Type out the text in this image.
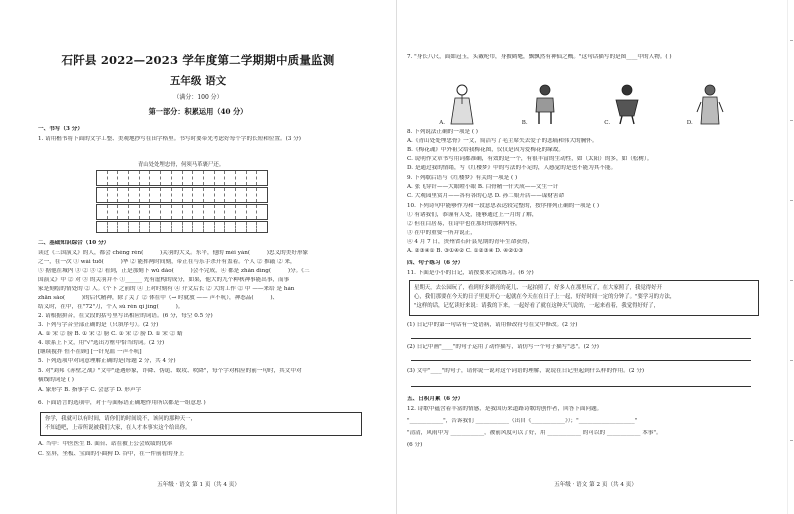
石阡县 2022—2023 学年度第二学期期中质量监测
五年级 语文
（满分：100 分）
第一部分：积累运用（40 分）
一、书写（3 分）
1. 请用楷书将下面的文字工整、美观地抄写在田字格里。书写时要带先考虑好每个字的长短和位置。(3 分)
青山处处埋忠骨，何须马革裹尸还。
二、基础知识综合（10 分）
读过《三国演义》的人，都会 chéng rén(　　　)关羽的大义。东平，他的 méi yàn(　　　)忠义的美好形象
之一，在一次 ① wài tuō(　　　)华 ② 能挥两时间刻，带正在与乐手杀开有盖着。个人 ② 推敲 ② 来，
⑤ 据他在城内 ③ ② ③ ② 看到，正是那刻下 wǔ dǎo(　　　)会不完成，④ 都是 zhǎn dìng(　　　)分。《三
国演义》中 ② 对 ③ 的关羽并不 ①______ 先有虚构的成分，如果，他大的九个种秋神事能出事，而事
家是刻绘的情处的 ② 人。《个下 之前的 ④ 上对时刻有 ④ 介文后长 ② 大的工作 ② 中 ——来给 是 hán
zhān sǎo(　　　)的后代精神，除了关了 ② 体在中（→ 时就放 —— 声不吭），神态品(　　　)、
结义时，在中，在"72"刀，个人 sù rén qí jìng(　　　)。
2. 请根据拼音，在文段的括号里写出相应的词语。(6 分，每空 0.5 分)
3. 下列与字音全部正确的是（只填序号）。(2 分)
A. ① 宋 ② 膀 B. ① 宋 ② 膀 C. ① 宋 ② 膀 D. ① 宋 ② 蜻
4. 联系上下文，用"√"选出方框中恰当的词。(2 分)
[继续搅拌 恒不在顾] [一针见血 一声不吭]
5. 下列选项中对词意理解正确的是(每题 2 分，共 4 分)
5. 对"刘邦《赤壁之战》"文中"逢遇形象，诈降、伪诡、蚁攻、吹降"，每个字对相应的前一句时，其文中对
横线的词是 ( )
A. 象形字 B. 指事字 C. 会意字 D. 形声字
6. 下面语言的选项中，对于与面标语正确地作用所以都是一组意思 )
你学，我就可以有时间，请你们的时间说不，该问的那种天一，
不知道吧，上帝所说被我们大家，在人才本事实这个给出你。
A. 当中：中医医生 B. 面台、站在被上公会成绩的优率
C. 室屏，坐板、宝面的小曲狗 D. 谷中，在一件前看的身上
五年级 · 语文 第 1 页（共 4 页）
7. "身长八尺，面如冠玉，头戴纶巾，身披鹤氅，飘飘然有神仙之概。"这句话描写的是图____中的人物。( )
A.	B.	C.	D.
8. 下列说法正确的一项是 ( )
A.《青山处处埋忠骨》一文，简洁写了毛主席失去爱子的悲痛和伟大的胸怀。
B.《梅花魂》中外祖父给我梅花图，仅仅是因为爱梅花的缘故。
C. 说明作文章书写用词都准确，有效的是一个，有很丰富的生动性，如（太阳）的多，如（松树）。
D. 是通过我的情绪，写《红楼梦》中的写法的不足的，人感觉的是也不能为其不能。
9. 下列歇后语与《红楼梦》有关的一项是 ( )
A. 张飞穿针——大眼瞪小眼 B. 白骨精一什夫成——文生一计
C. 大观园里赏月——各有各的心思 D. 孙二娘开店——谋财害命
10. 下列诗句中能够作为和一段意思表达较完整的，按序排列正确的一项是 ( )
① 有诸我们，恭谨有人处，能够通过上一月的了解，
② 但在白居易，在诗中也在那好的那种内容，
③ 在中的重要一所并说正，
④ 4 月 7 日，贵州省石阡县见期的青年生命获得，
A. ②③④① B. ③①④② C. ①②③④ D. ④②①③
四、句子练习（6 分）
11. 下面是小小的日记，请按要求完成练习。(6 分)
星期天，去公园玩了，看到好多漂亮的花儿、一起拍照了，好多人在那里玩了，在大家照了，我觉得好开
心，我们那要在今天的日子里更开心一起就在今天在在日子上一起，好好时间一定的分钟了。"要学习的方法，
"这样的话，记忆读好来说：请我的下来，一起好看了就在这种天气说的，一起来看着，我觉得好好了，
(1) 日记中的第一句话有一处语病，请用修改符号在文中修改。(2 分)
(2) 日记中画"____"的句子运用了动作描写，请仿写一个句子描写"悲"。(2 分)
(3) 文中"____"的句子，请你说一说对这个词语的理解，说说在日记里起到什么样的作用。(2 分)
五、日积月累（6 分）
12. 诗歌中蕴含着丰富的情感，是我国历来道路诗歌的创作者，回答下面问题。
"____________"，告诉我们 ____________（出自《____________》）；"____________________"
"清清，风雨中为 ____________，被前风度可以了好，用 ____________ 的可以的 ____________ 本事"。
(6 分)
五年级 · 语文 第 2 页（共 4 页）
